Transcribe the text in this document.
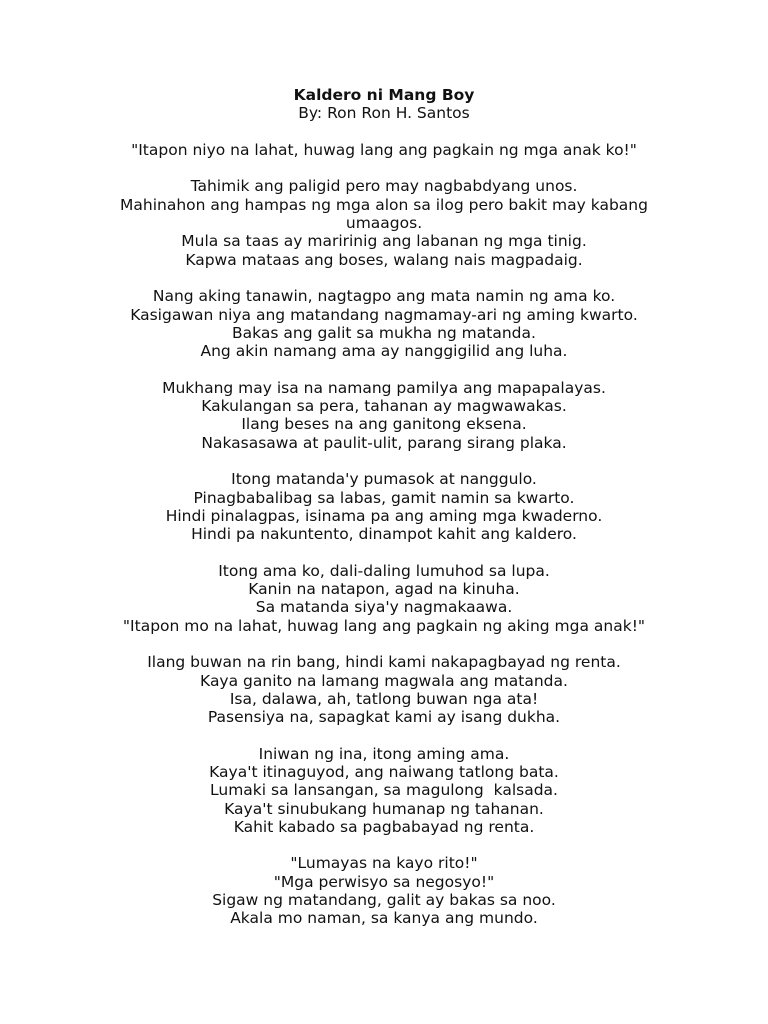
Kaldero ni Mang Boy

By: Ron Ron H. Santos

"Itapon niyo na lahat, huwag lang ang pagkain ng mga anak ko!"

Tahimik ang paligid pero may nagbabdyang unos.
Mahinahon ang hampas ng mga alon sa ilog pero bakit may kabang umaagos.
Mula sa taas ay maririnig ang labanan ng mga tinig.
Kapwa mataas ang boses, walang nais magpadaig.
Nang aking tanawin, nagtagpo ang mata namin ng ama ko.
Kasigawan niya ang matandang nagmamay-ari ng aming kwarto.
Bakas ang galit sa mukha ng matanda.
Ang akin namang ama ay nanggigilid ang luha.
Mukhang may isa na namang pamilya ang mapapalayas.
Kakulangan sa pera, tahanan ay magwawakas.
Ilang beses na ang ganitong eksena.
Nakasasawa at paulit-ulit, parang sirang plaka.
Itong matanda'y pumasok at nanggulo.
Pinagbabalibag sa labas, gamit namin sa kwarto.
Hindi pinalagpas, isinama pa ang aming mga kwaderno.
Hindi pa nakuntento, dinampot kahit ang kaldero.
Itong ama ko, dali-daling lumuhod sa lupa.
Kanin na natapon, agad na kinuha.
Sa matanda siya'y nagmakaawa.
"Itapon mo na lahat, huwag lang ang pagkain ng aking mga anak!"
Ilang buwan na rin bang, hindi kami nakapagbayad ng renta.
Kaya ganito na lamang magwala ang matanda.
Isa, dalawa, ah, tatlong buwan nga ata!
Pasensiya na, sapagkat kami ay isang dukha.
Iniwan ng ina, itong aming ama.
Kaya't itinaguyod, ang naiwang tatlong bata.
Lumaki sa lansangan, sa magulong  kalsada.
Kaya't sinubukang humanap ng tahanan.
Kahit kabado sa pagbabayad ng renta.
"Lumayas na kayo rito!"
"Mga perwisyo sa negosyo!"
Sigaw ng matandang, galit ay bakas sa noo.
Akala mo naman, sa kanya ang mundo.
